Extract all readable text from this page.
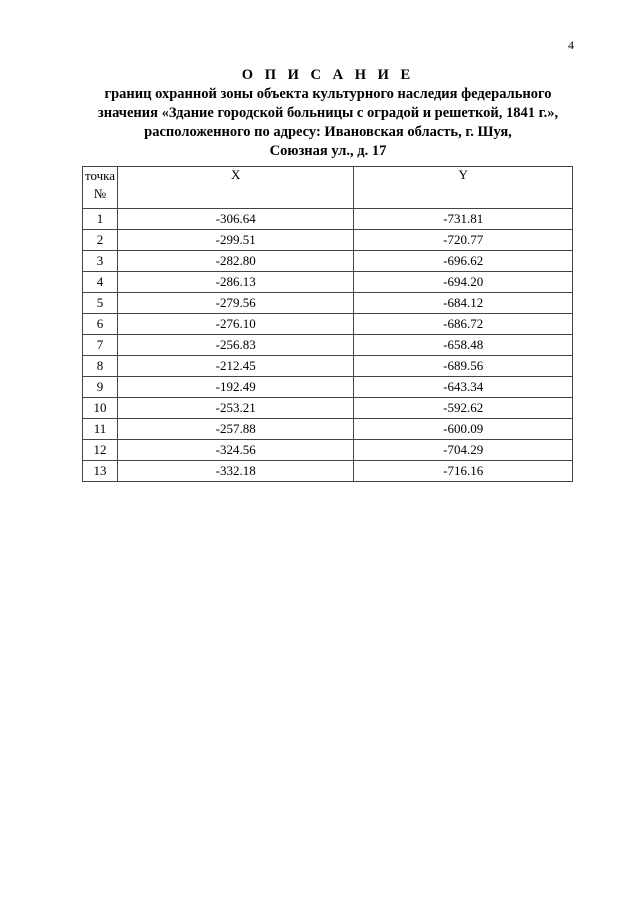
4
О П И С А Н И Е
границ охранной зоны объекта культурного наследия федерального
значения «Здание городской больницы с оградой и решеткой, 1841 г.»,
расположенного по адресу: Ивановская область, г. Шуя,
Союзная ул., д. 17
точка
№	X	Y
1	-306.64	-731.81
2	-299.51	-720.77
3	-282.80	-696.62
4	-286.13	-694.20
5	-279.56	-684.12
6	-276.10	-686.72
7	-256.83	-658.48
8	-212.45	-689.56
9	-192.49	-643.34
10	-253.21	-592.62
11	-257.88	-600.09
12	-324.56	-704.29
13	-332.18	-716.16
